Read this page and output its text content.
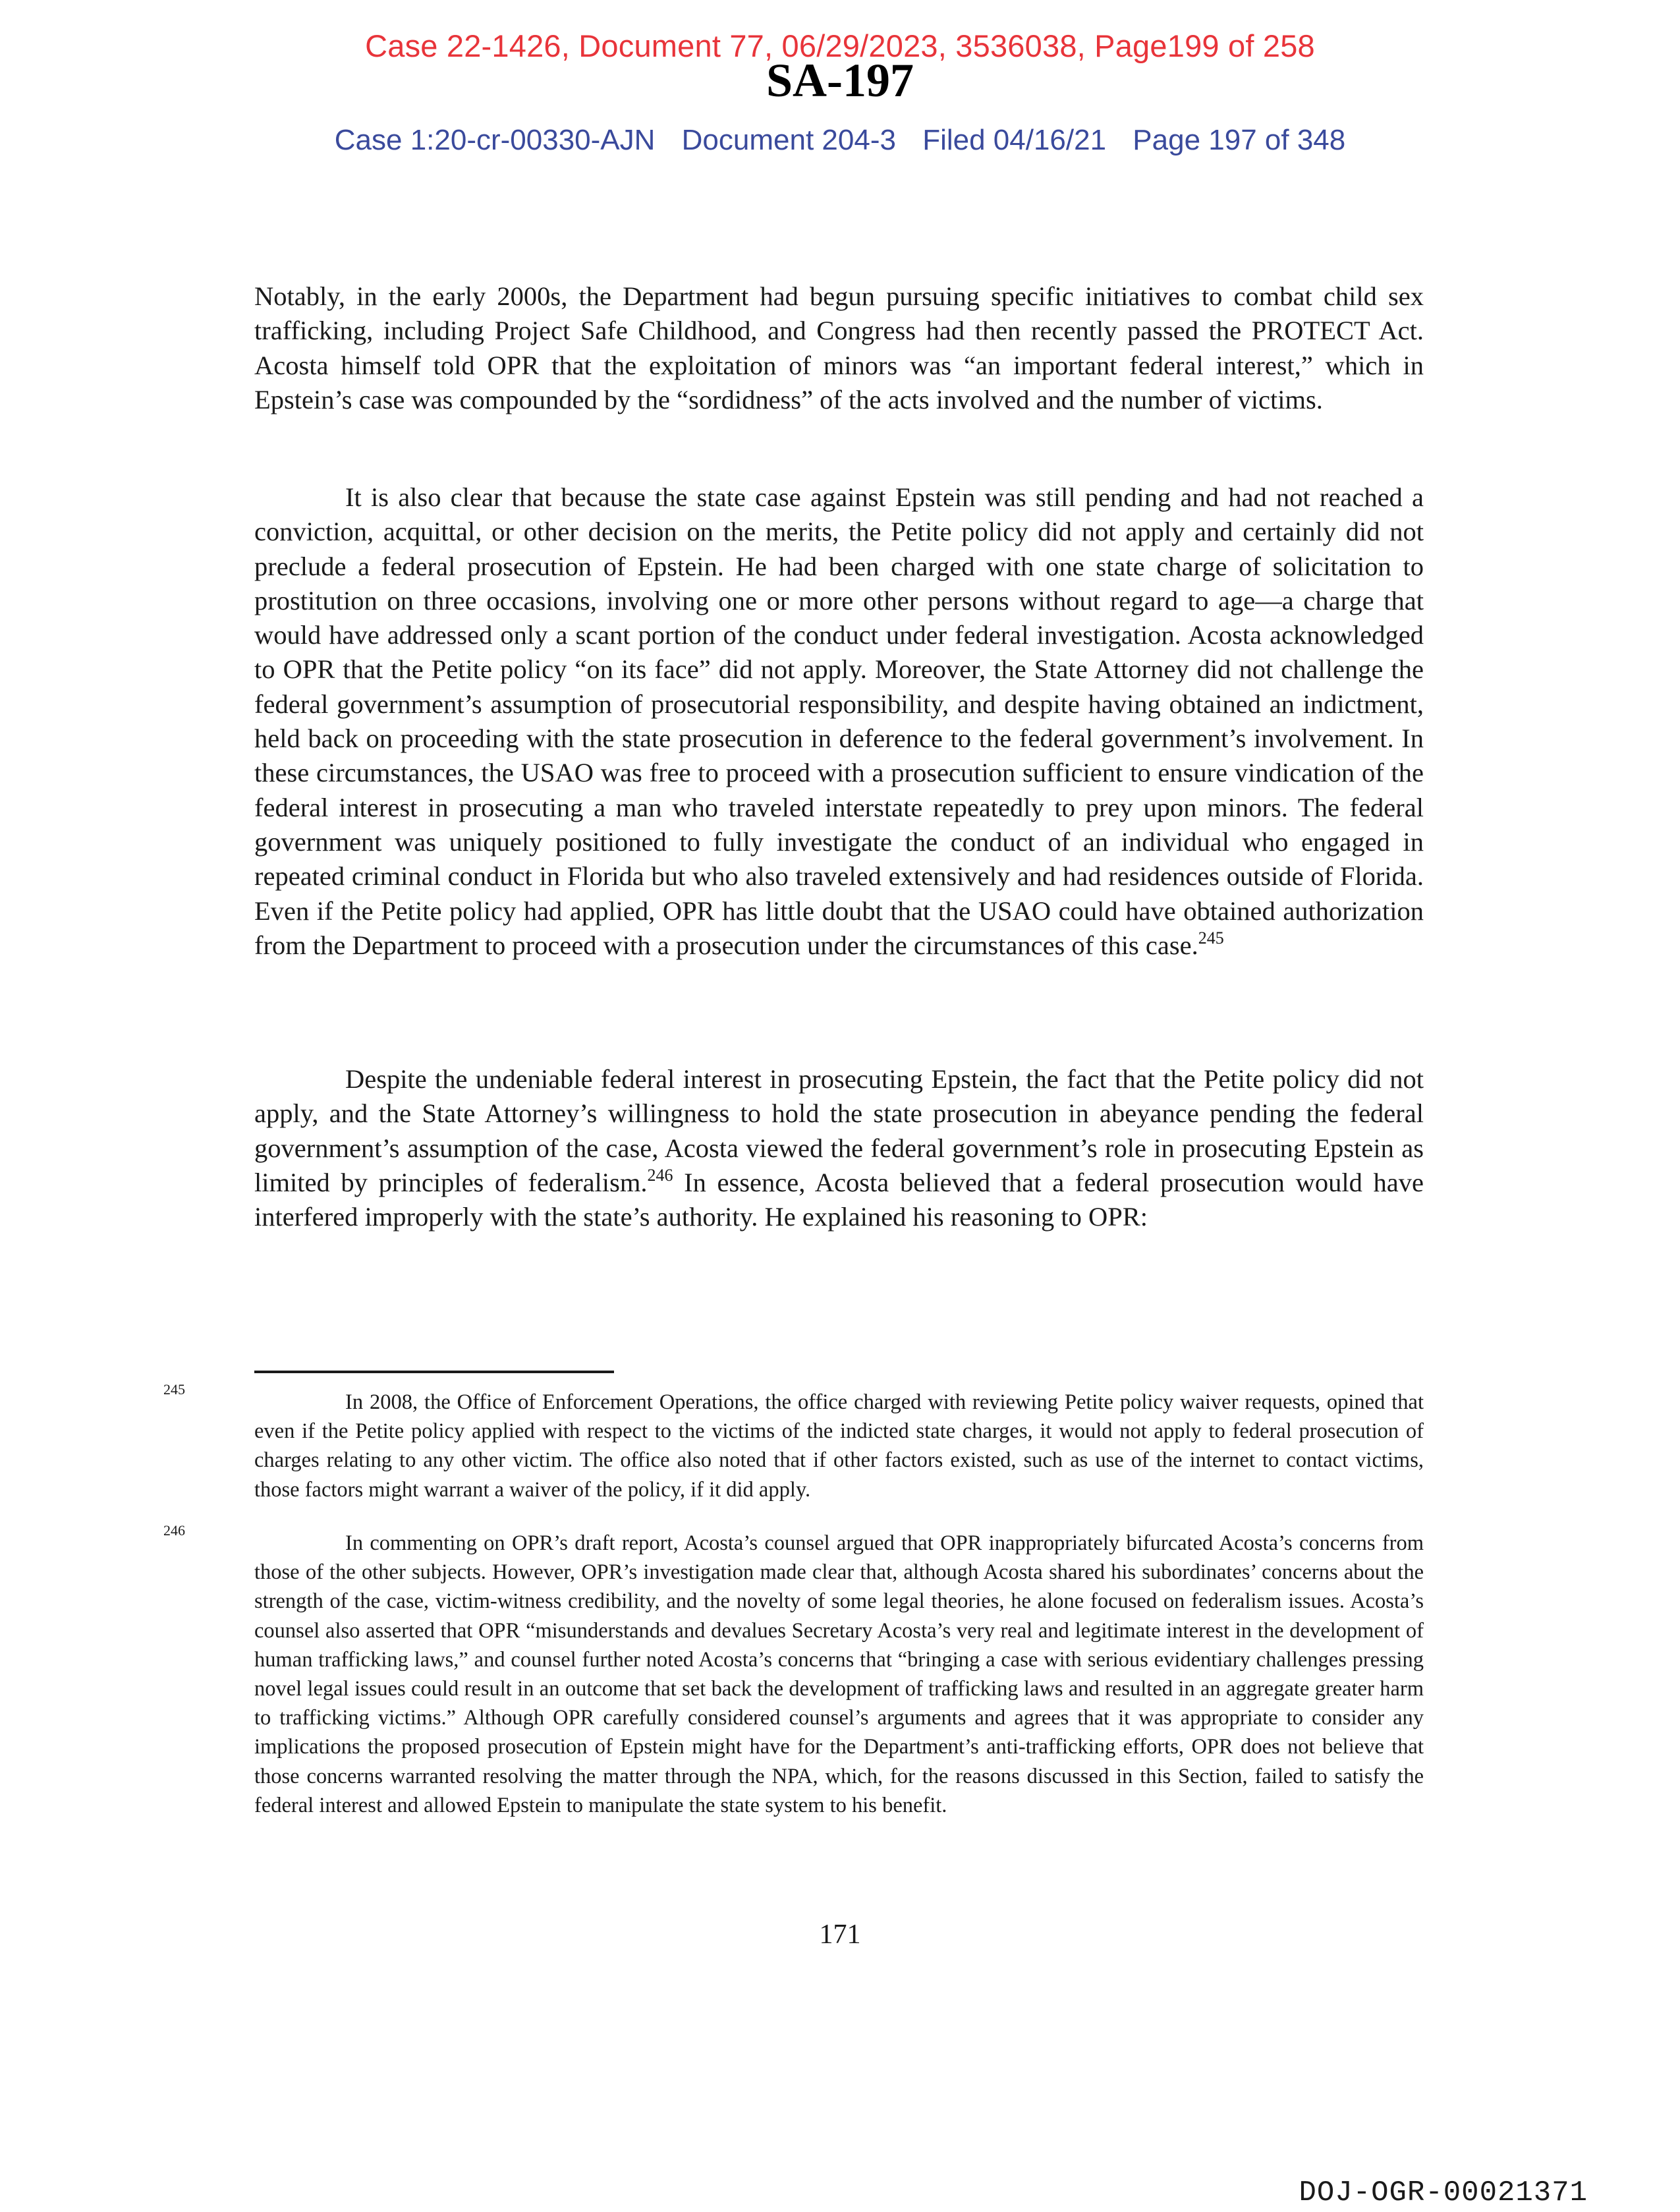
Case 22-1426, Document 77, 06/29/2023, 3536038, Page199 of 258
SA-197
Case 1:20-cr-00330-AJN Document 204-3 Filed 04/16/21 Page 197 of 348

Notably, in the early 2000s, the Department had begun pursuing specific initiatives to combat child sex trafficking, including Project Safe Childhood, and Congress had then recently passed the PROTECT Act. Acosta himself told OPR that the exploitation of minors was “an important federal interest,” which in Epstein’s case was compounded by the “sordidness” of the acts involved and the number of victims.

It is also clear that because the state case against Epstein was still pending and had not reached a conviction, acquittal, or other decision on the merits, the Petite policy did not apply and certainly did not preclude a federal prosecution of Epstein. He had been charged with one state charge of solicitation to prostitution on three occasions, involving one or more other persons without regard to age—a charge that would have addressed only a scant portion of the conduct under federal investigation. Acosta acknowledged to OPR that the Petite policy “on its face” did not apply. Moreover, the State Attorney did not challenge the federal government’s assumption of prosecutorial responsibility, and despite having obtained an indictment, held back on proceeding with the state prosecution in deference to the federal government’s involvement. In these circumstances, the USAO was free to proceed with a prosecution sufficient to ensure vindication of the federal interest in prosecuting a man who traveled interstate repeatedly to prey upon minors. The federal government was uniquely positioned to fully investigate the conduct of an individual who engaged in repeated criminal conduct in Florida but who also traveled extensively and had residences outside of Florida. Even if the Petite policy had applied, OPR has little doubt that the USAO could have obtained authorization from the Department to proceed with a prosecution under the circumstances of this case.$^{245}$

Despite the undeniable federal interest in prosecuting Epstein, the fact that the Petite policy did not apply, and the State Attorney’s willingness to hold the state prosecution in abeyance pending the federal government’s assumption of the case, Acosta viewed the federal government’s role in prosecuting Epstein as limited by principles of federalism.$^{246}$ In essence, Acosta believed that a federal prosecution would have interfered improperly with the state’s authority. He explained his reasoning to OPR:

245
In 2008, the Office of Enforcement Operations, the office charged with reviewing Petite policy waiver requests, opined that even if the Petite policy applied with respect to the victims of the indicted state charges, it would not apply to federal prosecution of charges relating to any other victim. The office also noted that if other factors existed, such as use of the internet to contact victims, those factors might warrant a waiver of the policy, if it did apply.

246
In commenting on OPR’s draft report, Acosta’s counsel argued that OPR inappropriately bifurcated Acosta’s concerns from those of the other subjects. However, OPR’s investigation made clear that, although Acosta shared his subordinates’ concerns about the strength of the case, victim-witness credibility, and the novelty of some legal theories, he alone focused on federalism issues. Acosta’s counsel also asserted that OPR “misunderstands and devalues Secretary Acosta’s very real and legitimate interest in the development of human trafficking laws,” and counsel further noted Acosta’s concerns that “bringing a case with serious evidentiary challenges pressing novel legal issues could result in an outcome that set back the development of trafficking laws and resulted in an aggregate greater harm to trafficking victims.” Although OPR carefully considered counsel’s arguments and agrees that it was appropriate to consider any implications the proposed prosecution of Epstein might have for the Department’s anti-trafficking efforts, OPR does not believe that those concerns warranted resolving the matter through the NPA, which, for the reasons discussed in this Section, failed to satisfy the federal interest and allowed Epstein to manipulate the state system to his benefit.

171
DOJ-OGR-00021371
